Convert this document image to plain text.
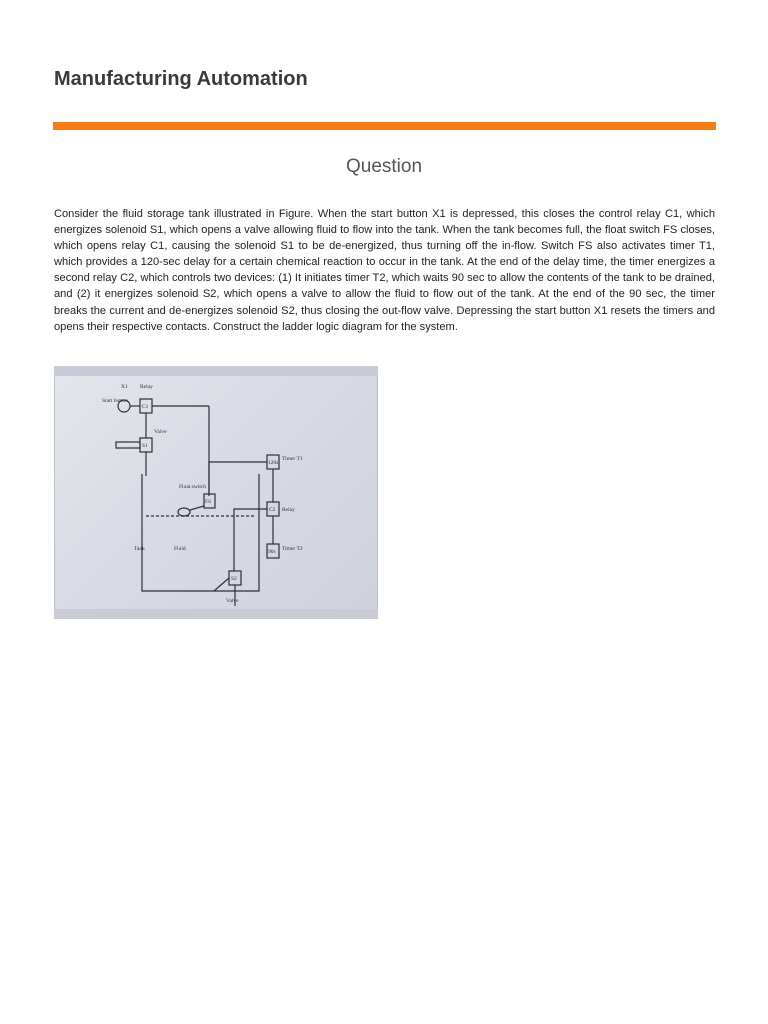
Manufacturing Automation
Question

Consider the fluid storage tank illustrated in Figure. When the start button X1 is depressed, this closes the control relay C1, which energizes solenoid S1, which opens a valve allowing fluid to flow into the tank. When the tank becomes full, the float switch FS closes, which opens relay C1, causing the solenoid S1 to be de-energized, thus turning off the in-flow. Switch FS also activates timer T1, which provides a 120-sec delay for a certain chemical reaction to occur in the tank. At the end of the delay time, the timer energizes a second relay C2, which controls two devices: (1) It initiates timer T2, which waits 90 sec to allow the contents of the tank to be drained, and (2) it energizes solenoid S2, which opens a valve to allow the fluid to flow out of the tank. At the end of the 90 sec, the timer breaks the current and de-energizes solenoid S2, thus closing the out-flow valve. Depressing the start button X1 resets the timers and opens their respective contacts. Construct the ladder logic diagram for the system.

X1 Relay
Start button
C1
Valve
S1
Float switch
FS
120s
Timer T1
C2 Relay
90s Timer T2
Tank	Fluid
S2
Valve
